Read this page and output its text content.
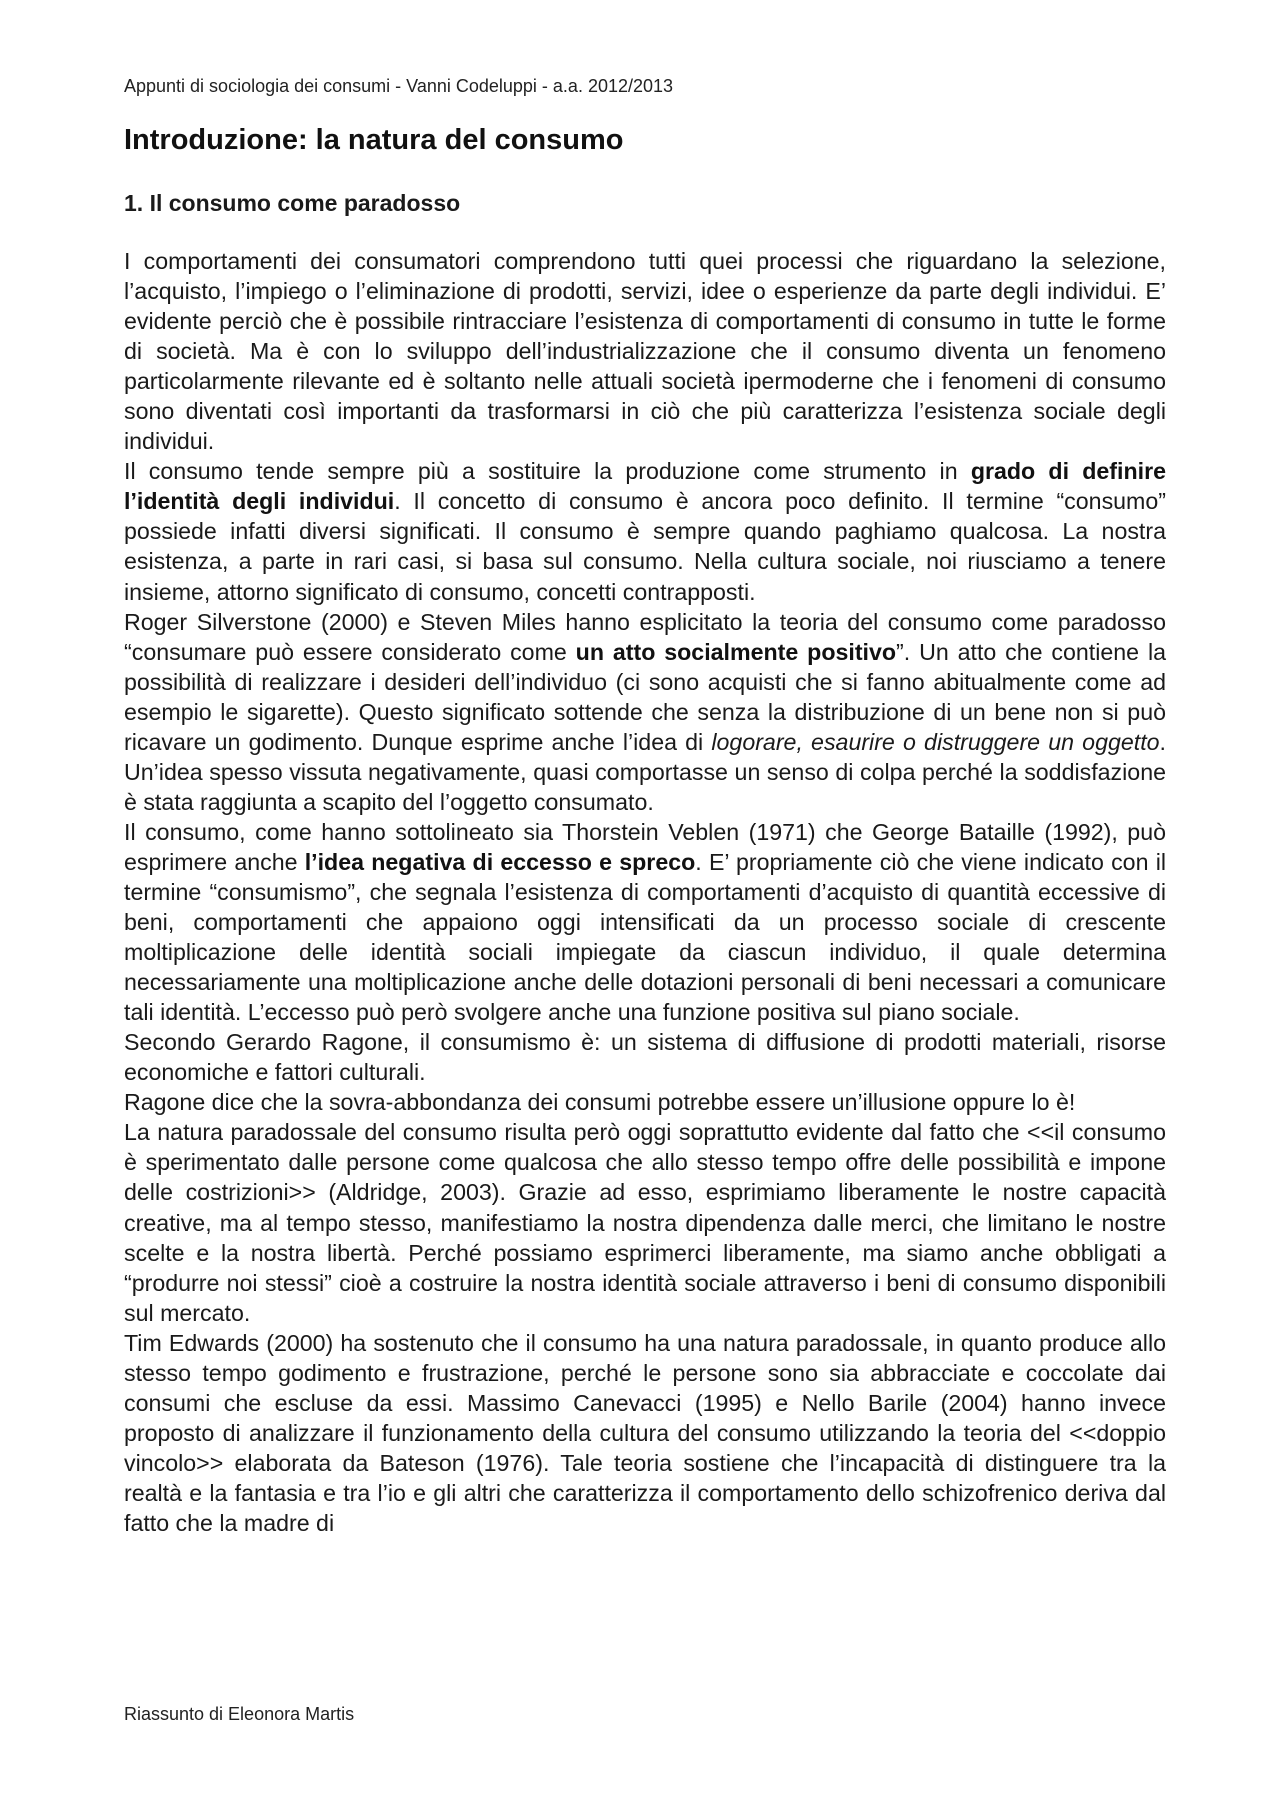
Appunti di sociologia dei consumi - Vanni Codeluppi - a.a. 2012/2013
Introduzione: la natura del consumo
1. Il consumo come paradosso

I comportamenti dei consumatori comprendono tutti quei processi che riguardano la selezione, l’acquisto, l’impiego o l’eliminazione di prodotti, servizi, idee o esperienze da parte degli individui. E’ evidente perciò che è possibile rintracciare l’esistenza di comportamenti di consumo in tutte le forme di società. Ma è con lo sviluppo dell’industrializzazione che il consumo diventa un fenomeno particolarmente rilevante ed è soltanto nelle attuali società ipermoderne che i fenomeni di consumo sono diventati così importanti da trasformarsi in ciò che più caratterizza l’esistenza sociale degli individui.

Il consumo tende sempre più a sostituire la produzione come strumento in grado di definire l’identità degli individui. Il concetto di consumo è ancora poco definito. Il termine “consumo” possiede infatti diversi significati. Il consumo è sempre quando paghiamo qualcosa. La nostra esistenza, a parte in rari casi, si basa sul consumo. Nella cultura sociale, noi riusciamo a tenere insieme, attorno significato di consumo, concetti contrapposti.

Roger Silverstone (2000) e Steven Miles hanno esplicitato la teoria del consumo come paradosso “consumare può essere considerato come un atto socialmente positivo”. Un atto che contiene la possibilità di realizzare i desideri dell’individuo (ci sono acquisti che si fanno abitualmente come ad esempio le sigarette). Questo significato sottende che senza la distribuzione di un bene non si può ricavare un godimento. Dunque esprime anche l’idea di logorare, esaurire o distruggere un oggetto. Un’idea spesso vissuta negativamente, quasi comportasse un senso di colpa perché la soddisfazione è stata raggiunta a scapito del l’oggetto consumato.

Il consumo, come hanno sottolineato sia Thorstein Veblen (1971) che George Bataille (1992), può esprimere anche l’idea negativa di eccesso e spreco. E’ propriamente ciò che viene indicato con il termine “consumismo”, che segnala l’esistenza di comportamenti d’acquisto di quantità eccessive di beni, comportamenti che appaiono oggi intensificati da un processo sociale di crescente moltiplicazione delle identità sociali impiegate da ciascun individuo, il quale determina necessariamente una moltiplicazione anche delle dotazioni personali di beni necessari a comunicare tali identità. L’eccesso può però svolgere anche una funzione positiva sul piano sociale.

Secondo Gerardo Ragone, il consumismo è: un sistema di diffusione di prodotti materiali, risorse economiche e fattori culturali.

Ragone dice che la sovra-abbondanza dei consumi potrebbe essere un’illusione oppure lo è!

La natura paradossale del consumo risulta però oggi soprattutto evidente dal fatto che <<il consumo è sperimentato dalle persone come qualcosa che allo stesso tempo offre delle possibilità e impone delle costrizioni>> (Aldridge, 2003). Grazie ad esso, esprimiamo liberamente le nostre capacità creative, ma al tempo stesso, manifestiamo la nostra dipendenza dalle merci, che limitano le nostre scelte e la nostra libertà. Perché possiamo esprimerci liberamente, ma siamo anche obbligati a “produrre noi stessi” cioè a costruire la nostra identità sociale attraverso i beni di consumo disponibili sul mercato.

Tim Edwards (2000) ha sostenuto che il consumo ha una natura paradossale, in quanto produce allo stesso tempo godimento e frustrazione, perché le persone sono sia abbracciate e coccolate dai consumi che escluse da essi. Massimo Canevacci (1995) e Nello Barile (2004) hanno invece proposto di analizzare il funzionamento della cultura del consumo utilizzando la teoria del <<doppio vincolo>> elaborata da Bateson (1976). Tale teoria sostiene che l’incapacità di distinguere tra la realtà e la fantasia e tra l’io e gli altri che caratterizza il comportamento dello schizofrenico deriva dal fatto che la madre di

Riassunto di Eleonora Martis
